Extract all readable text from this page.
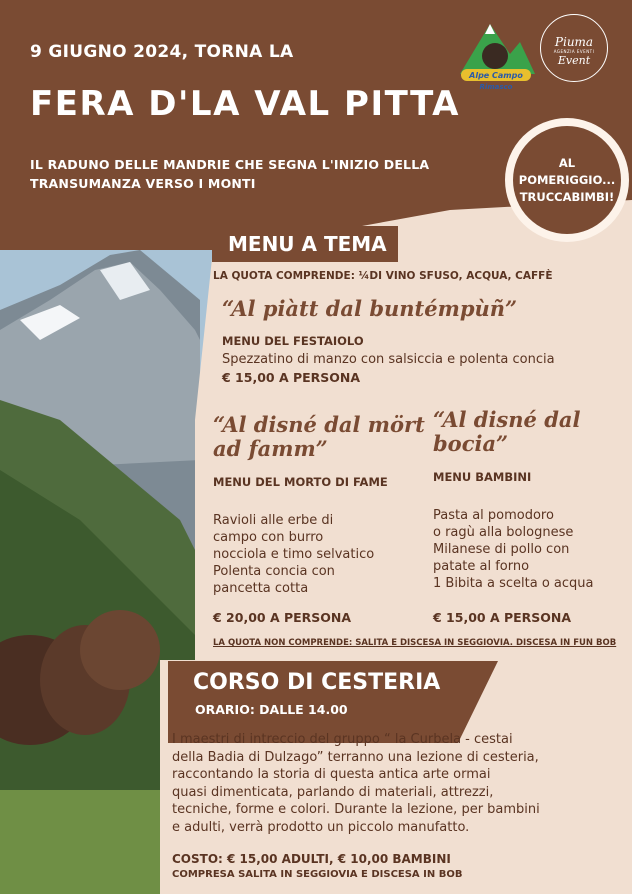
9 GIUGNO 2024, TORNA LA
FERA D'LA VAL PITTA
IL RADUNO DELLE MANDRIE CHE SEGNA L'INIZIO DELLA TRANSUMANZA VERSO I MONTI
Alpe Campo
Rimasco
Piuma
AGENZIA EVENTI
Event
AL
POMERIGGIO...
TRUCCABIMBI!
MENU A TEMA
LA QUOTA COMPRENDE: ¼DI VINO SFUSO, ACQUA, CAFFÈ
“Al piàtt dal buntémpùñ”
MENU DEL FESTAIOLO
Spezzatino di manzo con salsiccia e polenta concia
€ 15,00 A PERSONA
“Al disné dal mört
ad famm”
MENU DEL MORTO DI FAME
Ravioli alle erbe di
campo con burro
nocciola e timo selvatico
Polenta concia con
pancetta cotta
€ 20,00 A PERSONA
“Al disné dal
bocia”
MENU BAMBINI
Pasta al pomodoro
o ragù alla bolognese
Milanese di pollo con
patate al forno
1 Bibita a scelta o acqua
€ 15,00 A PERSONA
LA QUOTA NON COMPRENDE: SALITA E DISCESA IN SEGGIOVIA. DISCESA IN FUN BOB
CORSO DI CESTERIA
ORARIO: DALLE 14.00
I maestri di intreccio del gruppo “ la Curbela - cestai
della Badia di Dulzago” terranno una lezione di cesteria,
raccontando la storia di questa antica arte ormai
quasi dimenticata, parlando di materiali, attrezzi,
tecniche, forme e colori. Durante la lezione, per bambini
e adulti, verrà prodotto un piccolo manufatto.
COSTO: € 15,00 ADULTI, € 10,00 BAMBINI
COMPRESA SALITA IN SEGGIOVIA E DISCESA IN BOB
